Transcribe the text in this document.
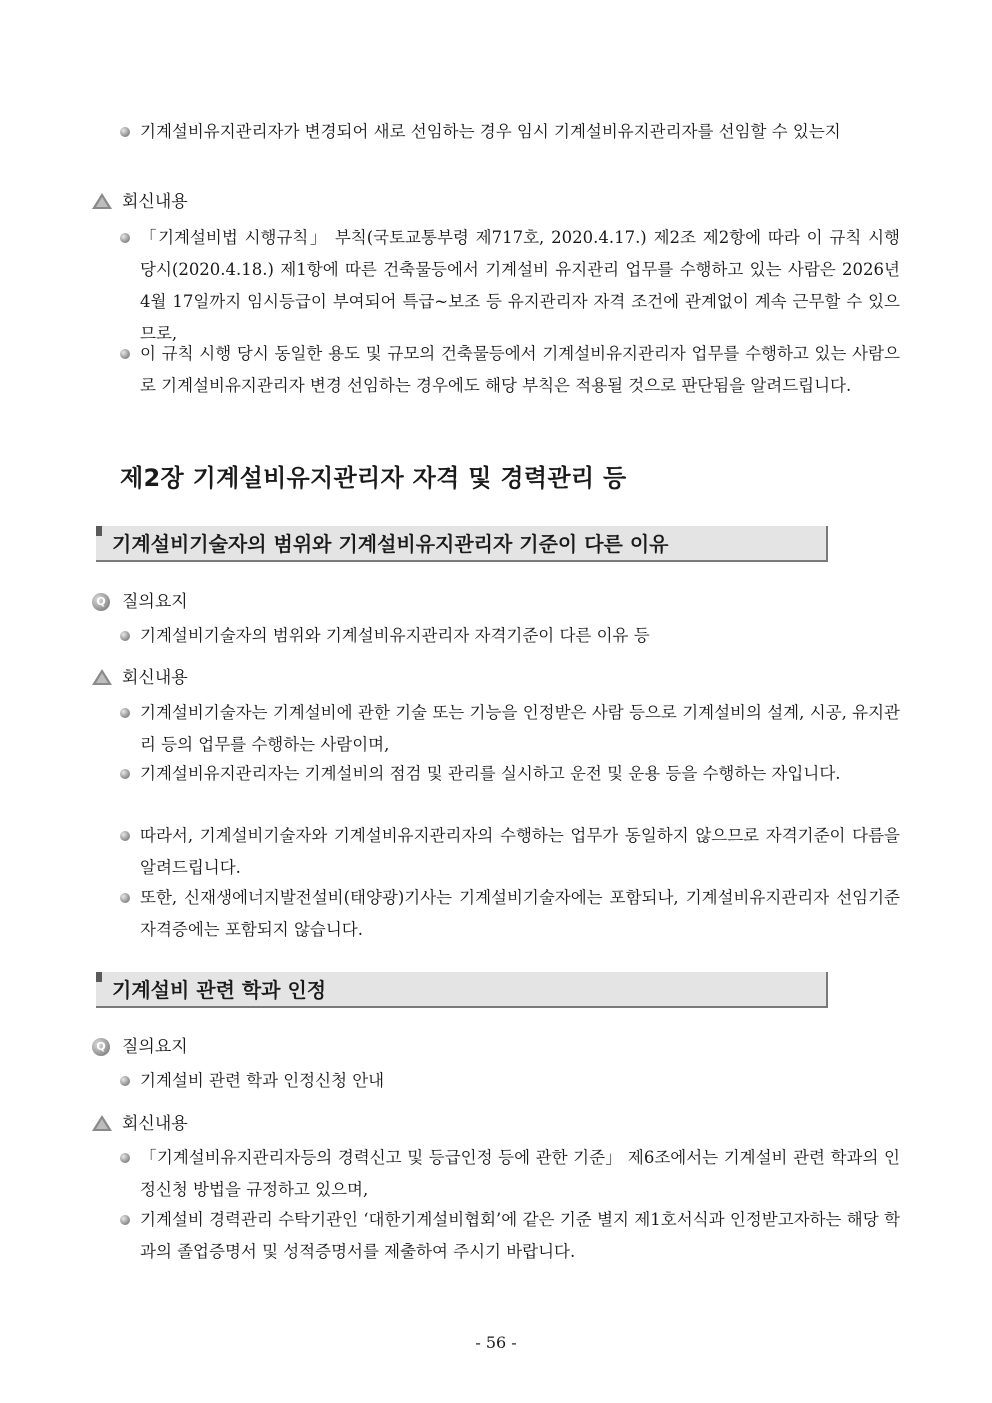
기계설비유지관리자가 변경되어 새로 선임하는 경우 임시 기계설비유지관리자를 선임할 수 있는지
회신내용
「기계설비법 시행규칙」 부칙(국토교통부령 제717호, 2020.4.17.) 제2조 제2항에 따라 이 규칙 시행 당시(2020.4.18.) 제1항에 따른 건축물등에서 기계설비 유지관리 업무를 수행하고 있는 사람은 2026년 4월 17일까지 임시등급이 부여되어 특급~보조 등 유지관리자 자격 조건에 관계없이 계속 근무할 수 있으므로,
이 규칙 시행 당시 동일한 용도 및 규모의 건축물등에서 기계설비유지관리자 업무를 수행하고 있는 사람으로 기계설비유지관리자 변경 선임하는 경우에도 해당 부칙은 적용될 것으로 판단됨을 알려드립니다.
제2장 기계설비유지관리자 자격 및 경력관리 등
기계설비기술자의 범위와 기계설비유지관리자 기준이 다른 이유
Q 질의요지
기계설비기술자의 범위와 기계설비유지관리자 자격기준이 다른 이유 등
회신내용
기계설비기술자는 기계설비에 관한 기술 또는 기능을 인정받은 사람 등으로 기계설비의 설계, 시공, 유지관리 등의 업무를 수행하는 사람이며,
기계설비유지관리자는 기계설비의 점검 및 관리를 실시하고 운전 및 운용 등을 수행하는 자입니다.
따라서, 기계설비기술자와 기계설비유지관리자의 수행하는 업무가 동일하지 않으므로 자격기준이 다름을 알려드립니다.
또한, 신재생에너지발전설비(태양광)기사는 기계설비기술자에는 포함되나, 기계설비유지관리자 선임기준 자격증에는 포함되지 않습니다.
기계설비 관련 학과 인정
Q 질의요지
기계설비 관련 학과 인정신청 안내
회신내용
「기계설비유지관리자등의 경력신고 및 등급인정 등에 관한 기준」 제6조에서는 기계설비 관련 학과의 인정신청 방법을 규정하고 있으며,
기계설비 경력관리 수탁기관인 ‘대한기계설비협회’에 같은 기준 별지 제1호서식과 인정받고자하는 해당 학과의 졸업증명서 및 성적증명서를 제출하여 주시기 바랍니다.
- 56 -
